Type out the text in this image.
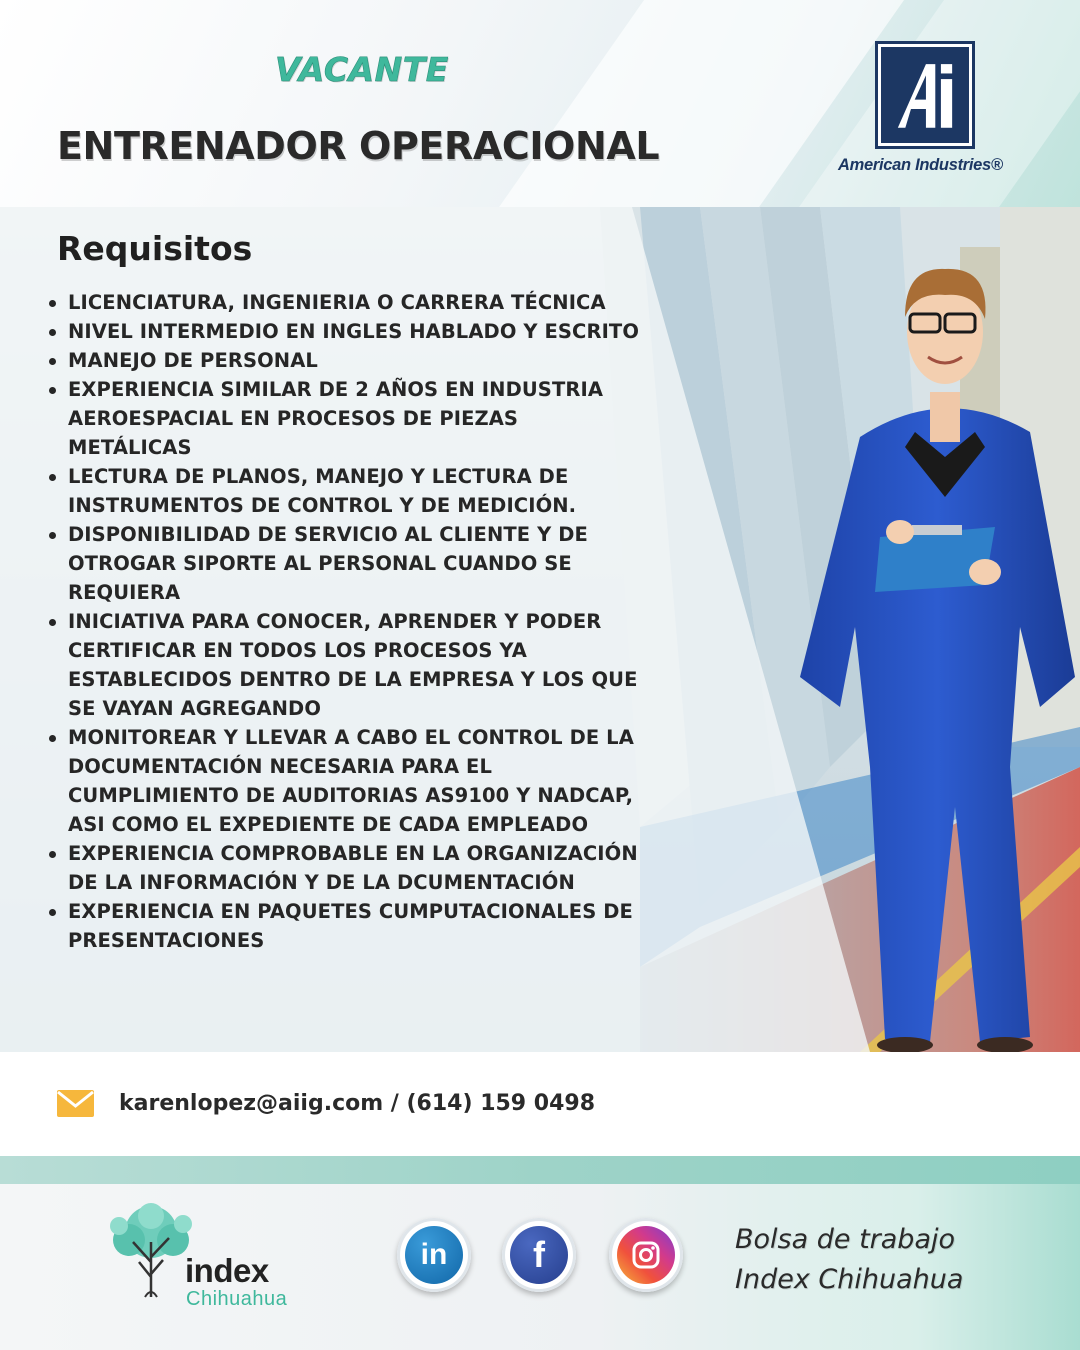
VACANTE
ENTRENADOR OPERACIONAL	American Industries®
Requisitos
LICENCIATURA, INGENIERIA O CARRERA TÉCNICA
NIVEL INTERMEDIO EN INGLES HABLADO Y ESCRITO
MANEJO DE PERSONAL
EXPERIENCIA SIMILAR DE 2 AÑOS EN INDUSTRIA AEROESPACIAL EN PROCESOS DE PIEZAS METÁLICAS
LECTURA DE PLANOS, MANEJO Y LECTURA DE INSTRUMENTOS DE CONTROL Y DE MEDICIÓN.
DISPONIBILIDAD DE SERVICIO AL CLIENTE Y DE OTROGAR SIPORTE AL PERSONAL CUANDO SE REQUIERA
INICIATIVA PARA CONOCER, APRENDER Y PODER CERTIFICAR EN TODOS LOS PROCESOS YA ESTABLECIDOS DENTRO DE LA EMPRESA Y LOS QUE SE VAYAN AGREGANDO
MONITOREAR Y LLEVAR A CABO EL CONTROL DE LA DOCUMENTACIÓN NECESARIA PARA EL CUMPLIMIENTO DE AUDITORIAS AS9100 Y NADCAP, ASI COMO EL EXPEDIENTE DE CADA EMPLEADO
EXPERIENCIA COMPROBABLE EN LA ORGANIZACIÓN DE LA INFORMACIÓN Y DE LA DCUMENTACIÓN
EXPERIENCIA EN PAQUETES CUMPUTACIONALES DE PRESENTACIONES
karenlopez@aiig.com / (614) 159 0498
index
Chihuahua
in	f	Bolsa de trabajo
Index Chihuahua
